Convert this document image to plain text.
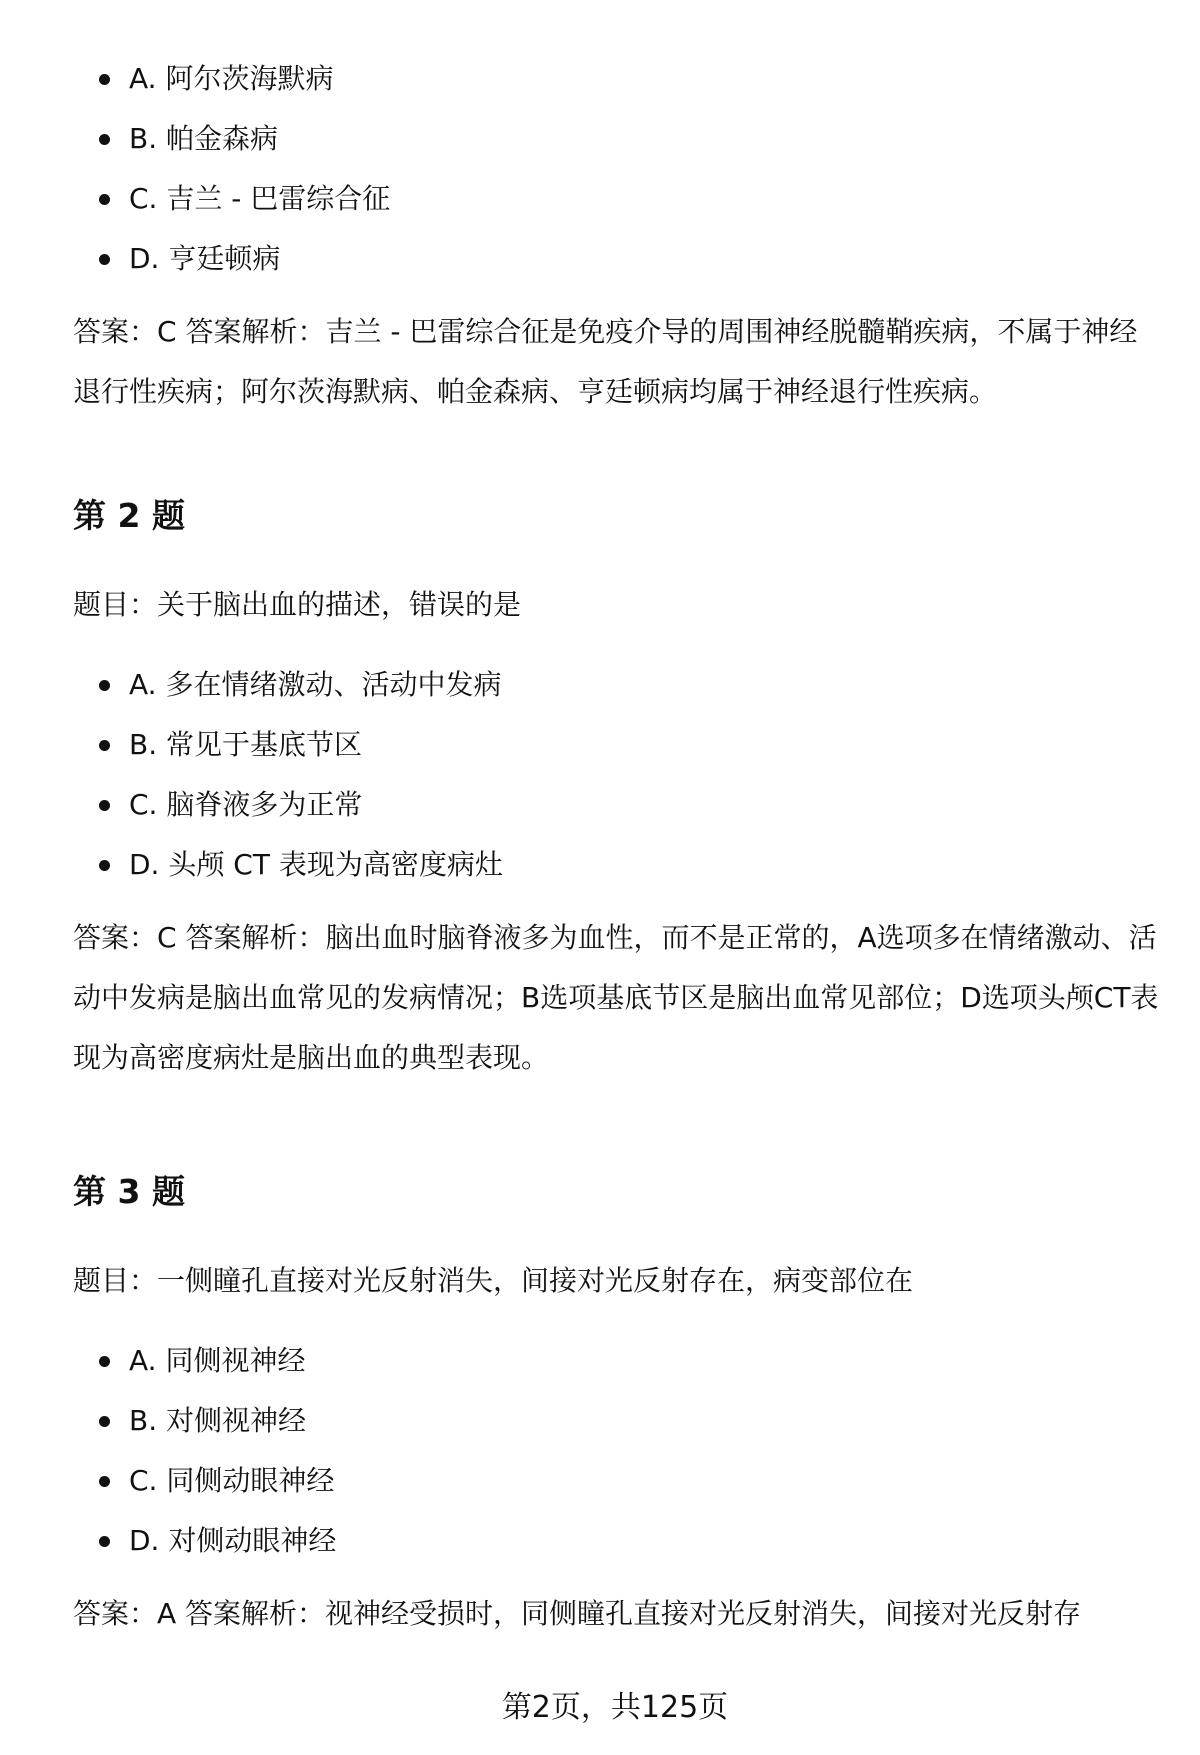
A. 阿尔茨海默病
B. 帕金森病
C. 吉兰 - 巴雷综合征
D. 亨廷顿病

答案：C 答案解析：吉兰 - 巴雷综合征是免疫介导的周围神经脱髓鞘疾病，不属于神经退行性疾病；阿尔茨海默病、帕金森病、亨廷顿病均属于神经退行性疾病。

第 2 题

题目：关于脑出血的描述，错误的是

A. 多在情绪激动、活动中发病
B. 常见于基底节区
C. 脑脊液多为正常
D. 头颅 CT 表现为高密度病灶

答案：C 答案解析：脑出血时脑脊液多为血性，而不是正常的，A选项多在情绪激动、活动中发病是脑出血常见的发病情况；B选项基底节区是脑出血常见部位；D选项头颅CT表现为高密度病灶是脑出血的典型表现。

第 3 题

题目：一侧瞳孔直接对光反射消失，间接对光反射存在，病变部位在

A. 同侧视神经
B. 对侧视神经
C. 同侧动眼神经
D. 对侧动眼神经

答案：A 答案解析：视神经受损时，同侧瞳孔直接对光反射消失，间接对光反射存

第2页，共125页
